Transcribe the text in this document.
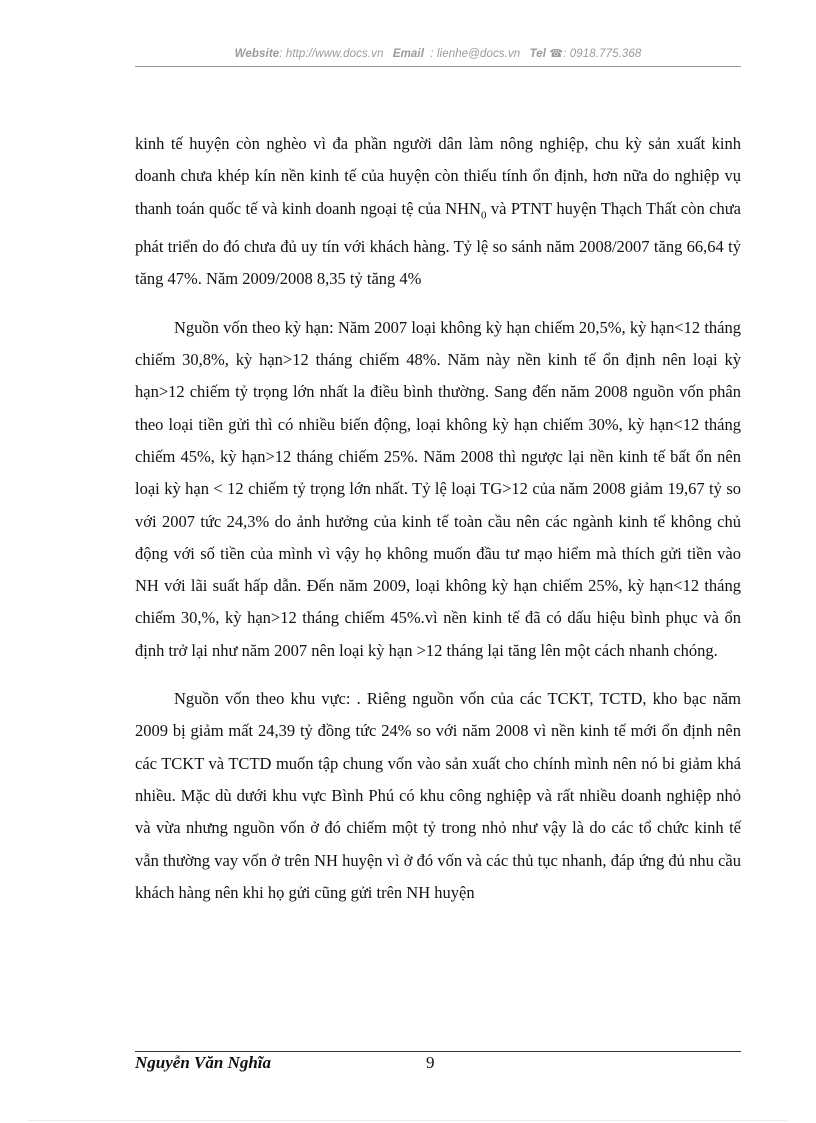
Website: http://www.docs.vn Email : lienhe@docs.vn Tel ☎: 0918.775.368

kinh tế huyện còn nghèo vì đa phần người dân làm nông nghiệp, chu kỳ sản xuất kinh doanh chưa khép kín nền kinh tế của huyện còn thiếu tính ổn định, hơn nữa do nghiệp vụ thanh toán quốc tế và kinh doanh ngoại tệ của $NHN_0$ và PTNT huyện Thạch Thất còn chưa phát triển do đó chưa đủ uy tín với khách hàng. Tỷ lệ so sánh năm 2008/2007 tăng 66,64 tỷ tăng 47%. Năm 2009/2008 8,35 tỷ tăng 4%

Nguồn vốn theo kỳ hạn: Năm 2007 loại không kỳ hạn chiếm 20,5%, kỳ hạn<12 tháng chiếm 30,8%, kỳ hạn>12 tháng chiếm 48%. Năm này nền kinh tế ổn định nên loại kỳ hạn>12 chiếm tỷ trọng lớn nhất la điều bình thường. Sang đến năm 2008 nguồn vốn phân theo loại tiền gửi thì có nhiều biến động, loại không kỳ hạn chiếm 30%, kỳ hạn<12 tháng chiếm 45%, kỳ hạn>12 tháng chiếm 25%. Năm 2008 thì ngược lại nền kinh tế bất ổn nên loại kỳ hạn < 12 chiếm tỷ trọng lớn nhất. Tỷ lệ loại TG>12 của năm 2008 giảm 19,67 tỷ so với 2007 tức 24,3% do ảnh hưởng của kinh tế toàn cầu nên các ngành kinh tế không chủ động với số tiền của mình vì vậy họ không muốn đầu tư mạo hiểm mà thích gửi tiền vào NH với lãi suất hấp dẫn. Đến năm 2009, loại không kỳ hạn chiếm 25%, kỳ hạn<12 tháng chiếm 30,%, kỳ hạn>12 tháng chiếm 45%.vì nền kinh tế đã có dấu hiệu bình phục và ổn định trở lại như năm 2007 nên loại kỳ hạn >12 tháng lại tăng lên một cách nhanh chóng.

Nguồn vốn theo khu vực: . Riêng nguồn vốn của các TCKT, TCTD, kho bạc năm 2009 bị giảm mất 24,39 tỷ đồng tức 24% so với năm 2008 vì nền kinh tế mới ổn định nên các TCKT và TCTD muốn tập chung vốn vào sản xuất cho chính mình nên nó bi giảm khá nhiều. Mặc dù dưới khu vực Bình Phú có khu công nghiệp và rất nhiều doanh nghiệp nhỏ và vừa nhưng nguồn vốn ở đó chiếm một tỷ trong nhỏ như vậy là do các tổ chức kinh tế vẫn thường vay vốn ở trên NH huyện vì ở đó vốn và các thủ tục nhanh, đáp ứng đủ nhu cầu khách hàng nên khi họ gửi cũng gửi trên NH huyện

Nguyễn Văn Nghĩa	9
